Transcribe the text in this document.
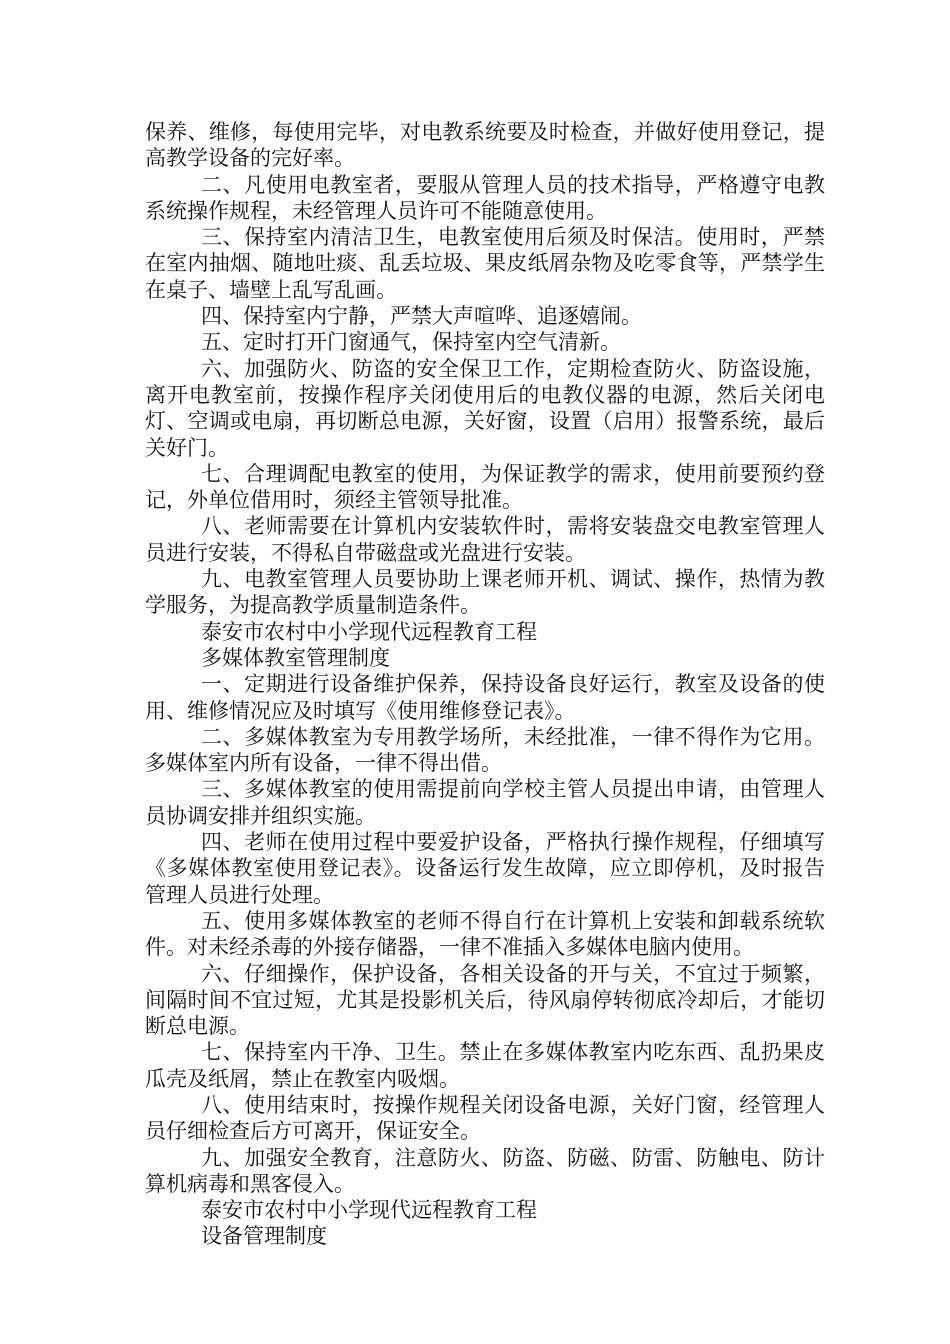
保养、维修，每使用完毕，对电教系统要及时检查，并做好使用登记，提高教学设备的完好率。

二、凡使用电教室者，要服从管理人员的技术指导，严格遵守电教系统操作规程，未经管理人员许可不能随意使用。

三、保持室内清洁卫生，电教室使用后须及时保洁。使用时，严禁在室内抽烟、随地吐痰、乱丢垃圾、果皮纸屑杂物及吃零食等，严禁学生在桌子、墙壁上乱写乱画。

四、保持室内宁静，严禁大声喧哗、追逐嬉闹。

五、定时打开门窗通气，保持室内空气清新。

六、加强防火、防盗的安全保卫工作，定期检查防火、防盗设施，离开电教室前，按操作程序关闭使用后的电教仪器的电源，然后关闭电灯、空调或电扇，再切断总电源，关好窗，设置（启用）报警系统，最后关好门。

七、合理调配电教室的使用，为保证教学的需求，使用前要预约登记，外单位借用时，须经主管领导批准。

八、老师需要在计算机内安装软件时，需将安装盘交电教室管理人员进行安装，不得私自带磁盘或光盘进行安装。

九、电教室管理人员要协助上课老师开机、调试、操作，热情为教学服务，为提高教学质量制造条件。

泰安市农村中小学现代远程教育工程

多媒体教室管理制度

一、定期进行设备维护保养，保持设备良好运行，教室及设备的使用、维修情况应及时填写《使用维修登记表》。

二、多媒体教室为专用教学场所，未经批准，一律不得作为它用。多媒体室内所有设备，一律不得出借。

三、多媒体教室的使用需提前向学校主管人员提出申请，由管理人员协调安排并组织实施。

四、老师在使用过程中要爱护设备，严格执行操作规程，仔细填写《多媒体教室使用登记表》。设备运行发生故障，应立即停机，及时报告管理人员进行处理。

五、使用多媒体教室的老师不得自行在计算机上安装和卸载系统软件。对未经杀毒的外接存储器，一律不准插入多媒体电脑内使用。

六、仔细操作，保护设备，各相关设备的开与关，不宜过于频繁，间隔时间不宜过短，尤其是投影机关后，待风扇停转彻底冷却后，才能切断总电源。

七、保持室内干净、卫生。禁止在多媒体教室内吃东西、乱扔果皮瓜壳及纸屑，禁止在教室内吸烟。

八、使用结束时，按操作规程关闭设备电源，关好门窗，经管理人员仔细检查后方可离开，保证安全。

九、加强安全教育，注意防火、防盗、防磁、防雷、防触电、防计算机病毒和黑客侵入。

泰安市农村中小学现代远程教育工程

设备管理制度
